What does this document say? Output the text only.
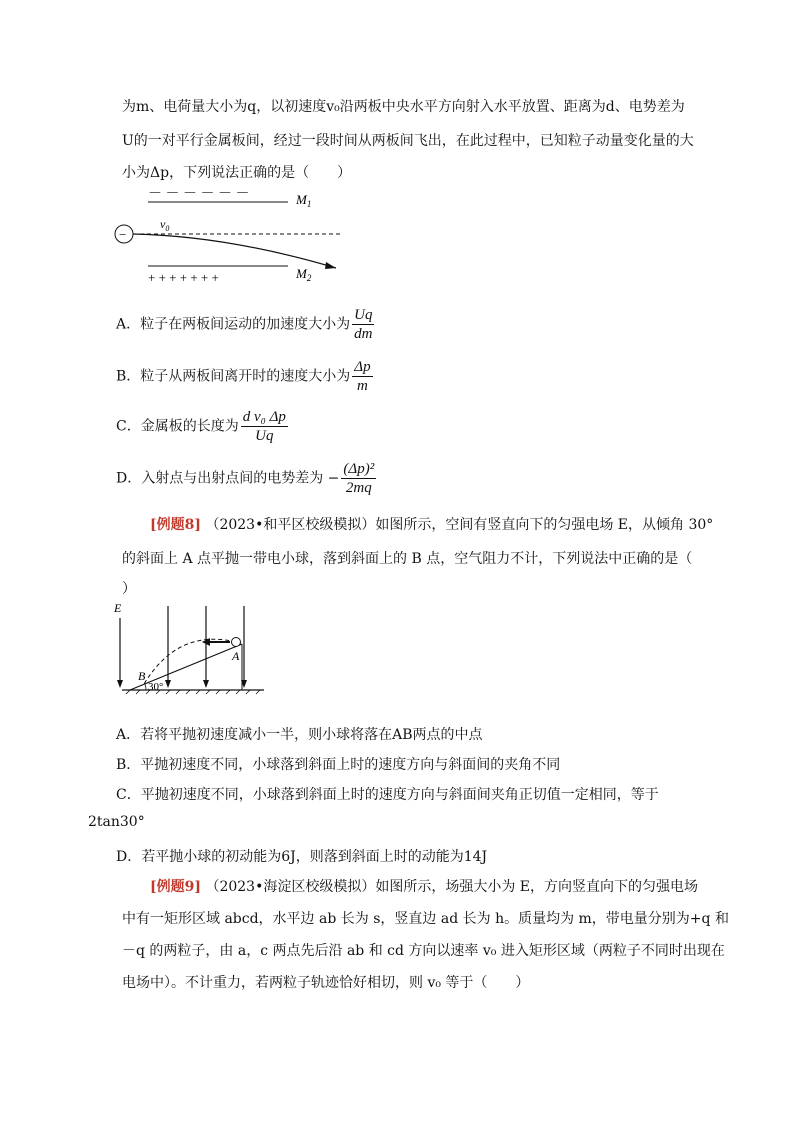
为m、电荷量大小为q，以初速度v₀沿两板中央水平方向射入水平放置、距离为d、电势差为
U的一对平行金属板间，经过一段时间从两板间飞出，在此过程中，已知粒子动量变化量的大
小为Δp，下列说法正确的是（　　）
－ － － － － －	$M_1$
−
$v_0$
+ + + + + + +	$M_2$
A．粒子在两板间运动的加速度大小为 $\frac{Uq}{dm}$
B．粒子从两板间离开时的速度大小为 $\frac{\Delta p}{m}$
C．金属板的长度为 $\frac{\text{d v₀ Δp}}{Uq}$
D．入射点与出射点间的电势差为 − $\frac{\text{(Δp)²}}{2mq}$
[例题8] （2023•和平区校级模拟）如图所示，空间有竖直向下的匀强电场 E，从倾角 30°
的斜面上 A 点平抛一带电小球，落到斜面上的 B 点，空气阻力不计，下列说法中正确的是（
）
E
A
B
30°
A．若将平抛初速度减小一半，则小球将落在AB两点的中点
B．平抛初速度不同，小球落到斜面上时的速度方向与斜面间的夹角不同
C．平抛初速度不同，小球落到斜面上时的速度方向与斜面间夹角正切值一定相同，等于
2tan30°
D．若平抛小球的初动能为6J，则落到斜面上时的动能为14J
[例题9] （2023•海淀区校级模拟）如图所示，场强大小为 E，方向竖直向下的匀强电场
中有一矩形区域 abcd，水平边 ab 长为 s，竖直边 ad 长为 h。质量均为 m，带电量分别为+q 和
－q 的两粒子，由 a，c 两点先后沿 ab 和 cd 方向以速率 v₀ 进入矩形区域（两粒子不同时出现在
电场中）。不计重力，若两粒子轨迹恰好相切，则 v₀ 等于（　　）
